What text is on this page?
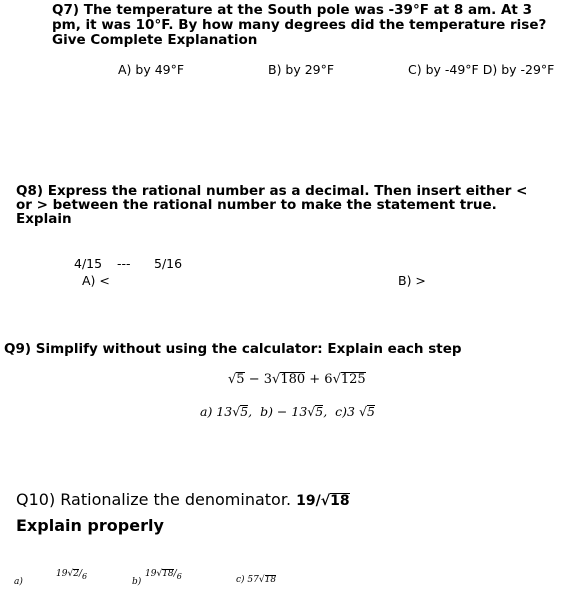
Q7) The temperature at the South pole was -39°F at 8 am. At 3
pm, it was 10°F. By how many degrees did the temperature rise?
Give Complete Explanation
A) by 49°F	B) by 29°F	C) by -49°F D) by -29°F
Q8) Express the rational number as a decimal. Then insert either <
or > between the rational number to make the statement true.
Explain
4/15 --- 5/16
A) <	B) >
Q9) Simplify without using the calculator: Explain each step
√5 − 3√180 + 6√125
a) 13√5, b) − 13√5, c)3 √5
Q10) Rationalize the denominator. 19/√18
Explain properly
a)
19√2/6
b)
19√18/6	c) 57√18
